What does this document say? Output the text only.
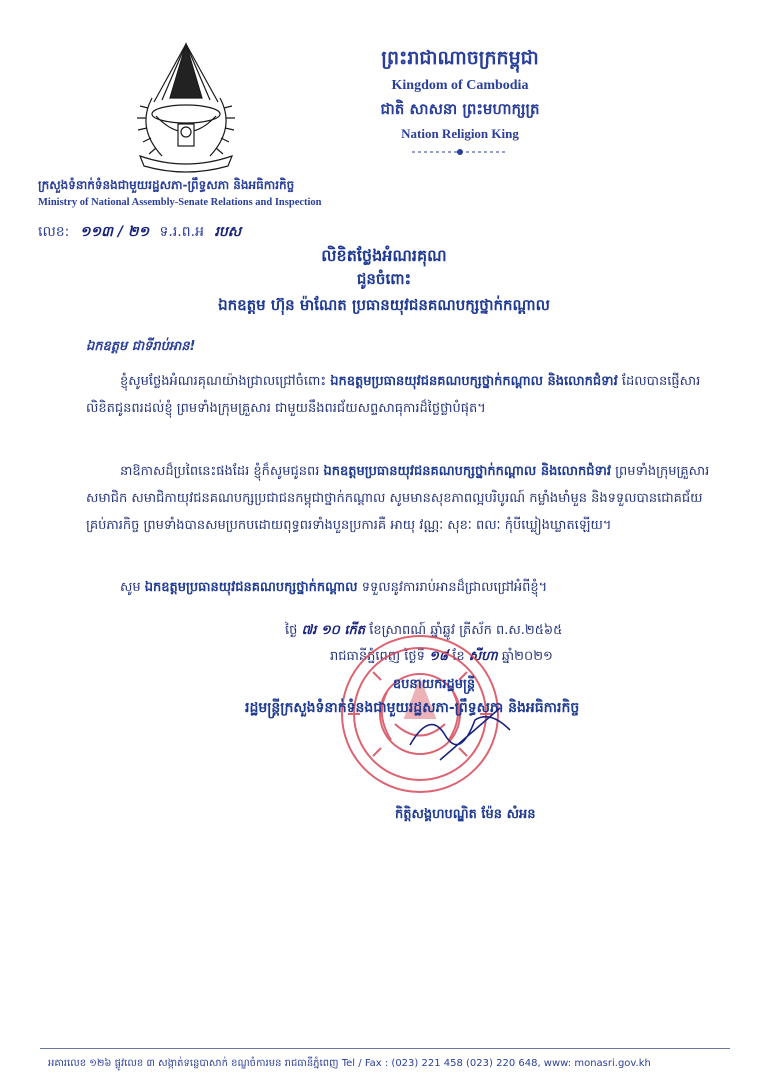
ក្រសួងទំនាក់ទំនងជាមួយរដ្ឋសភា-ព្រឹទ្ធសភា និងអធិការកិច្ច
Ministry of National Assembly-Senate Relations and Inspection
ព្រះរាជាណាចក្រកម្ពុជា
Kingdom of Cambodia
ជាតិ សាសនា ព្រះមហាក្សត្រ
Nation Religion King
លេខ: ១១៣ / ២១ ទ.រ.ព.អ របស
លិខិតថ្លែងអំណរគុណ
ជូនចំពោះ
ឯកឧត្តម ហ៊ុន ម៉ាណែត ប្រធានយុវជនគណបក្សថ្នាក់កណ្តាល
ឯកឧត្តម ជាទីរាប់អាន!
ខ្ញុំសូមថ្លែងអំណរគុណយ៉ាងជ្រាលជ្រៅចំពោះ ឯកឧត្តមប្រធានយុវជនគណបក្សថ្នាក់កណ្តាល និងលោកជំទាវ ដែលបានផ្ញើសារលិខិតជូនពរដល់ខ្ញុំ ព្រមទាំងក្រុមគ្រួសារ ជាមួយនឹងពរជ័យសព្ទសាធុការដ៏ថ្លៃថ្លាបំផុត។
នាឱកាសដ៏ប្រពៃនេះផងដែរ ខ្ញុំក៏សូមជូនពរ ឯកឧត្តមប្រធានយុវជនគណបក្សថ្នាក់កណ្តាល និងលោកជំទាវ ព្រមទាំងក្រុមគ្រួសារ សមាជិក សមាជិកាយុវជនគណបក្សប្រជាជនកម្ពុជាថ្នាក់កណ្តាល សូមមានសុខភាពល្អបរិបូរណ៍ កម្លាំងមាំមួន និងទទួលបានជោគជ័យគ្រប់ភារកិច្ច ព្រមទាំងបានសមប្រកបដោយពុទ្ធពរទាំងបួនប្រការគឺ អាយុ វណ្ណៈ សុខៈ ពលៈ កុំបីឃ្លៀងឃ្លាតឡើយ។
សូម ឯកឧត្តមប្រធានយុវជនគណបក្សថ្នាក់កណ្តាល ទទួលនូវការរាប់អានដ៏ជ្រាលជ្រៅអំពីខ្ញុំ។
ថ្ងៃ ៧រ ១០ កើត ខែស្រាពណ៍ ឆ្នាំឆ្លូវ ត្រីស័ក ព.ស.២៥៦៥
រាជធានីភ្នំពេញ ថ្ងៃទី ១៨ ខែ សីហា ឆ្នាំ២០២១
ឧបនាយករដ្ឋមន្ត្រី
រដ្ឋមន្ត្រីក្រសួងទំនាក់ទំនងជាមួយរដ្ឋសភា-ព្រឹទ្ធសភា និងអធិការកិច្ច
កិត្តិសង្គហបណ្ឌិត ម៉ែន សំអន
អគារលេខ ១២៦ ផ្លូវលេខ ៣ សង្កាត់ទន្លេបាសាក់ ខណ្ឌចំការមន រាជធានីភ្នំពេញ Tel / Fax : (023) 221 458 (023) 220 648, www: monasri.gov.kh
